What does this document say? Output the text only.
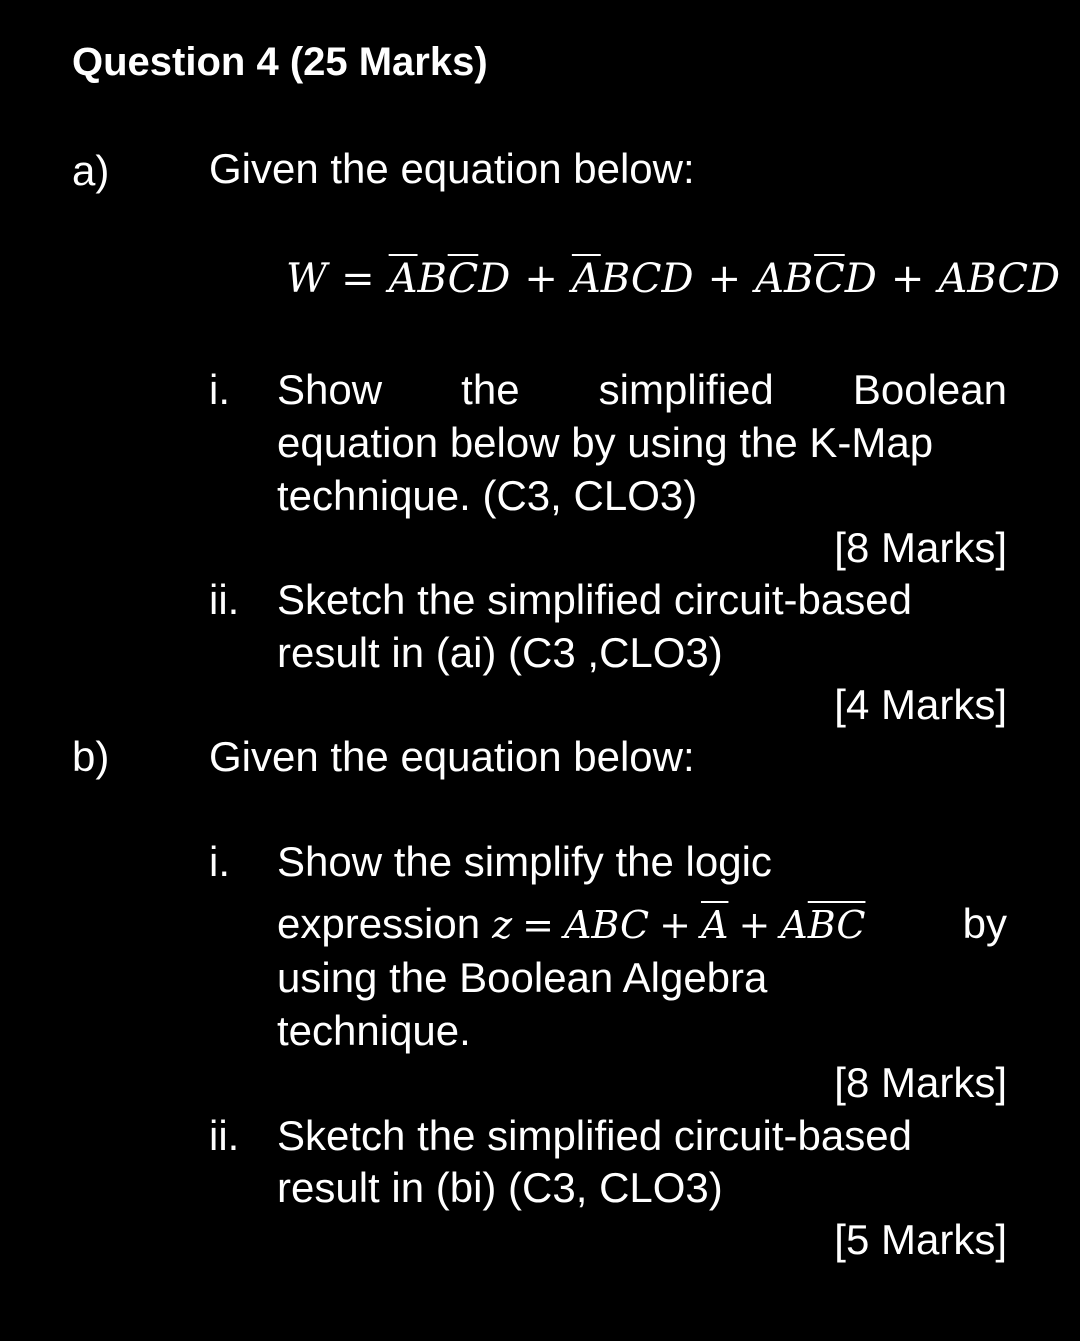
Question 4 (25 Marks)
a) Given the equation below:
$W = \overline{A}B\overline{C}D + \overline{A}BCD + AB\overline{C}D$ + ABCD
i. Show the simplified Boolean
equation below by using the K-Map
technique. (C3, CLO3)
[8 Marks]
ii. Sketch the simplified circuit-based
result in (ai) (C3 ,CLO3)
[4 Marks]
b) Given the equation below:
i. Show the simplify the logic
expression z = ABC + $\overline{A} + A\overline{BC}$ by
using the Boolean Algebra
technique.
[8 Marks]
ii. Sketch the simplified circuit-based
result in (bi) (C3, CLO3)
[5 Marks]
